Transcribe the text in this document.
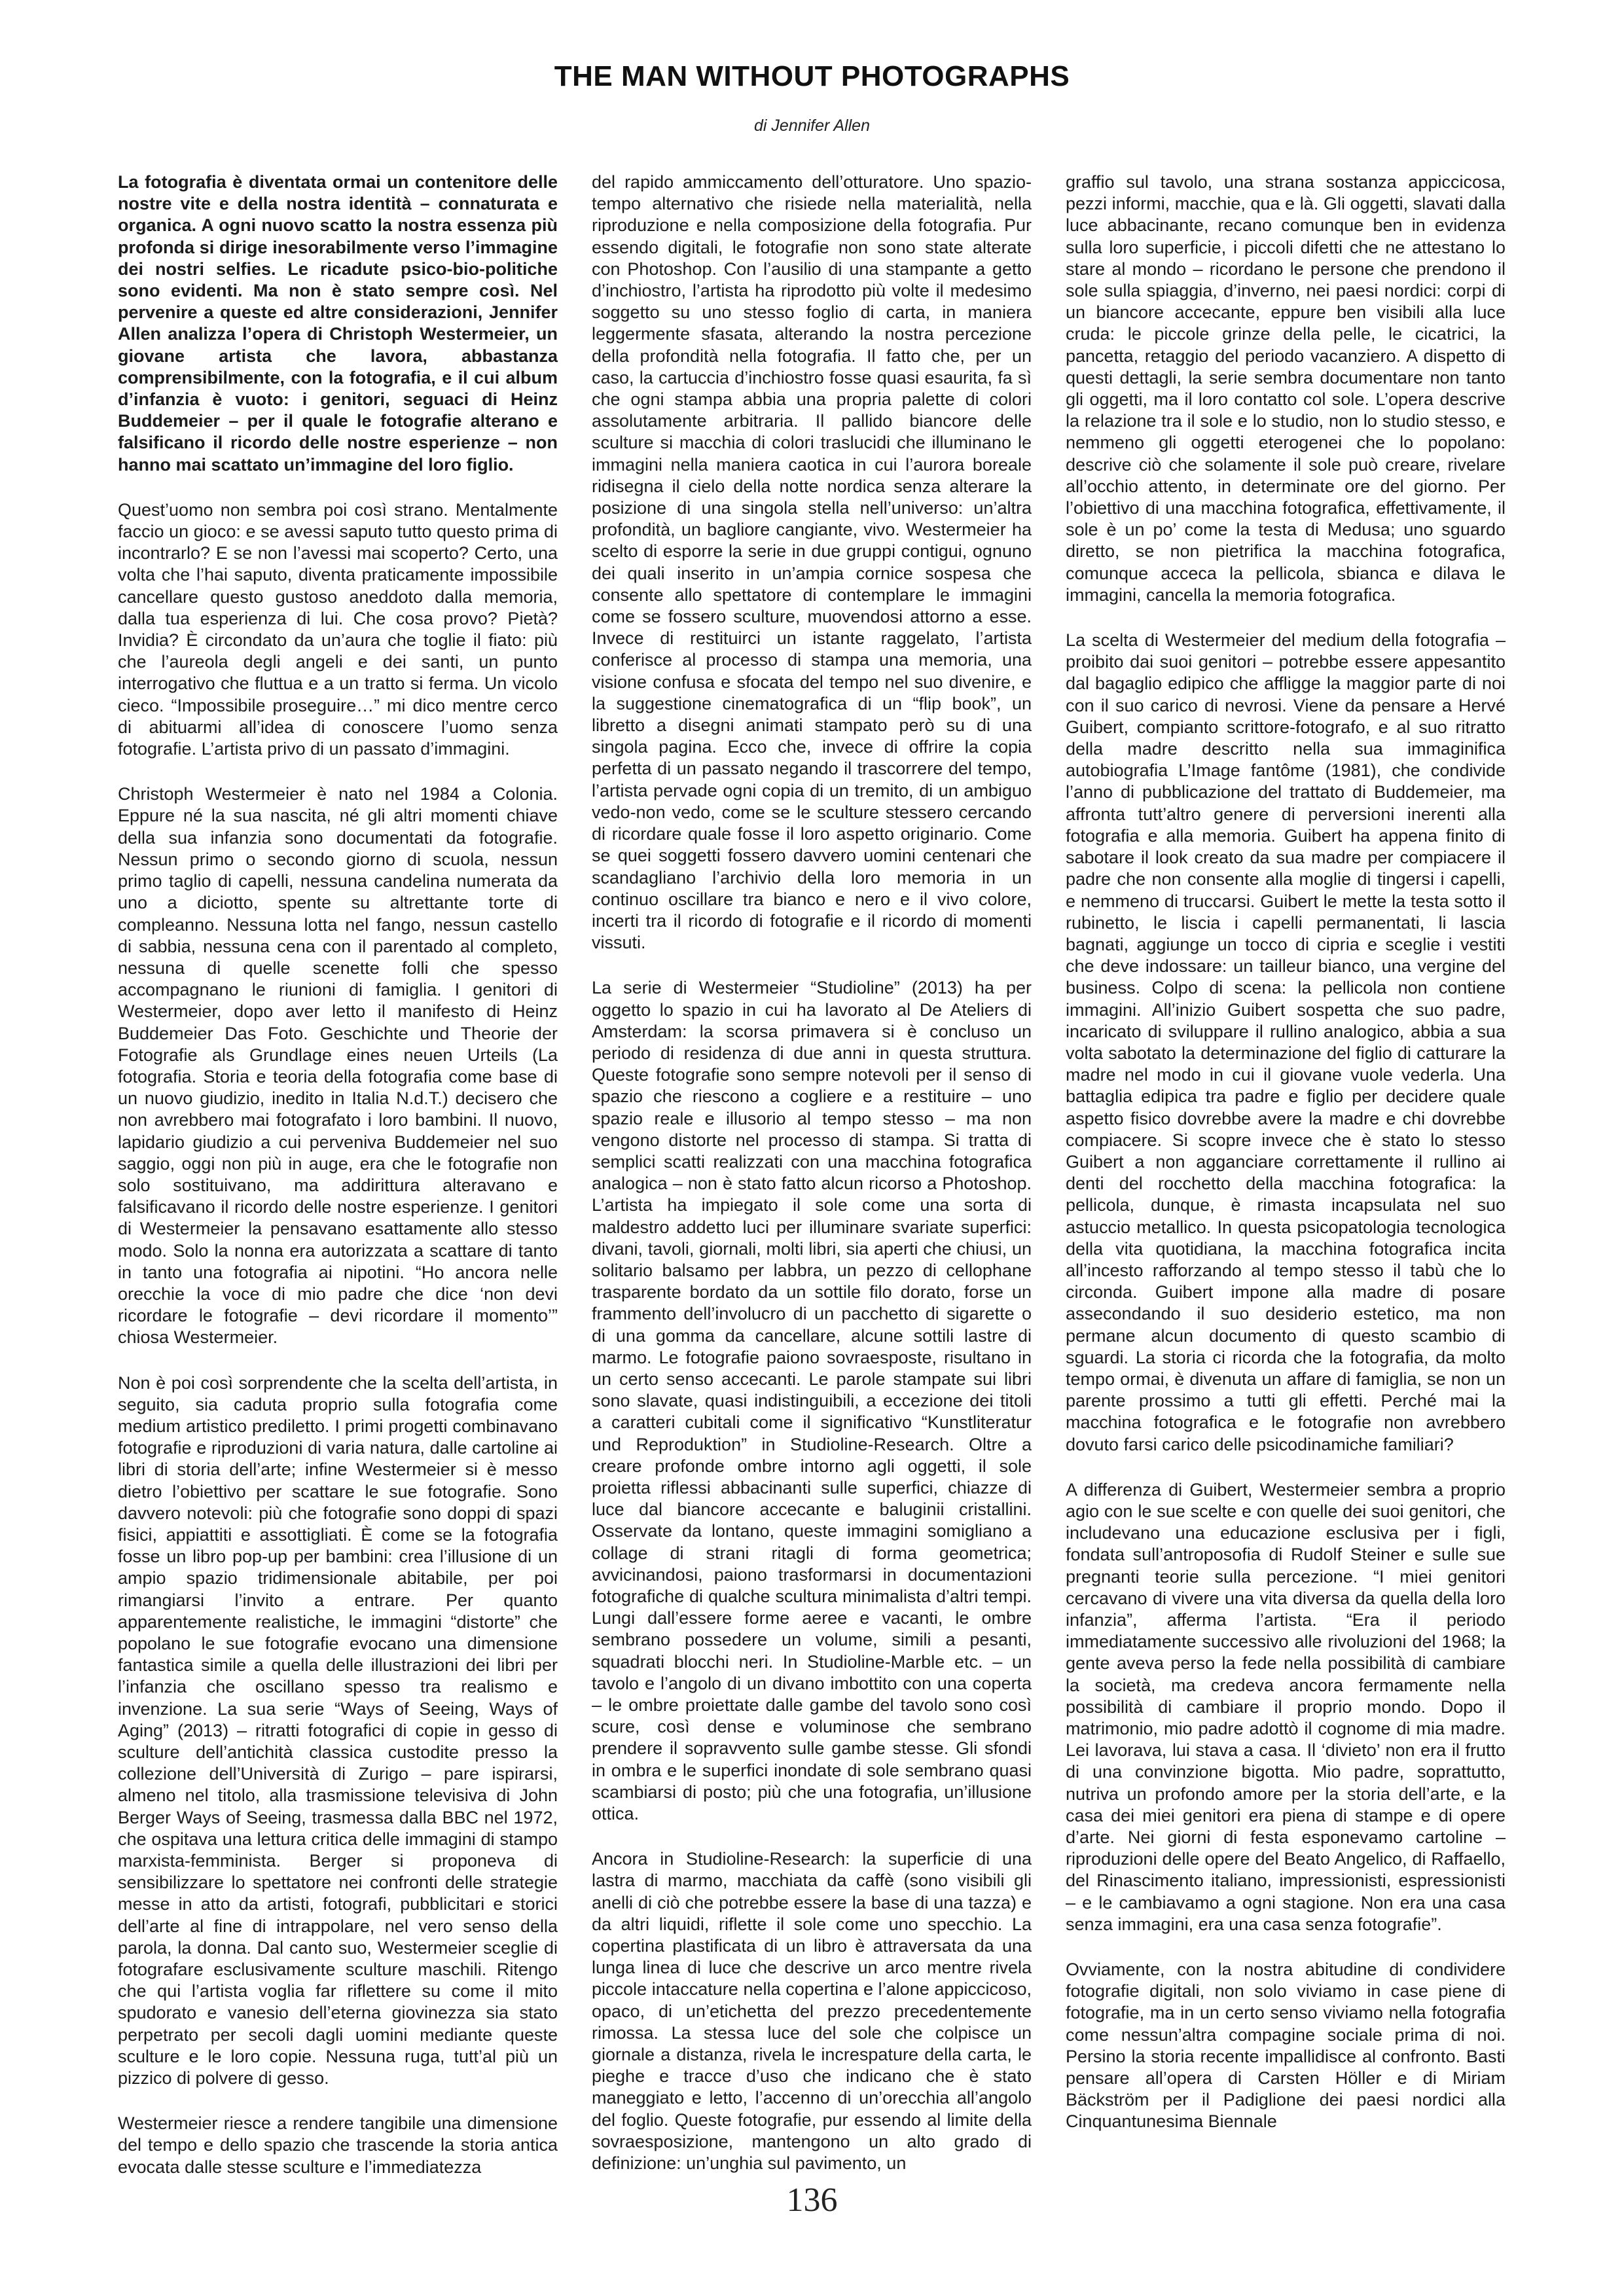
THE MAN WITHOUT PHOTOGRAPHS

di Jennifer Allen

La fotografia è diventata ormai un contenitore delle nostre vite e della nostra identità – connaturata e organica. A ogni nuovo scatto la nostra essenza più profonda si dirige inesorabilmente verso l’immagine dei nostri selfies. Le ricadute psico-bio-politiche sono evidenti. Ma non è stato sempre così. Nel pervenire a queste ed altre considerazioni, Jennifer Allen analizza l’opera di Christoph Westermeier, un giovane artista che lavora, abbastanza comprensibilmente, con la fotografia, e il cui album d’infanzia è vuoto: i genitori, seguaci di Heinz Buddemeier – per il quale le fotografie alterano e falsificano il ricordo delle nostre esperienze – non hanno mai scattato un’immagine del loro figlio.

Quest’uomo non sembra poi così strano. Mentalmente faccio un gioco: e se avessi saputo tutto questo prima di incontrarlo? E se non l’avessi mai scoperto? Certo, una volta che l’hai saputo, diventa praticamente impossibile cancellare questo gustoso aneddoto dalla memoria, dalla tua esperienza di lui. Che cosa provo? Pietà? Invidia? È circondato da un’aura che toglie il fiato: più che l’aureola degli angeli e dei santi, un punto interrogativo che fluttua e a un tratto si ferma. Un vicolo cieco. “Impossibile proseguire…” mi dico mentre cerco di abituarmi all’idea di conoscere l’uomo senza fotografie. L’artista privo di un passato d’immagini.

Christoph Westermeier è nato nel 1984 a Colonia. Eppure né la sua nascita, né gli altri momenti chiave della sua infanzia sono documentati da fotografie. Nessun primo o secondo giorno di scuola, nessun primo taglio di capelli, nessuna candelina numerata da uno a diciotto, spente su altrettante torte di compleanno. Nessuna lotta nel fango, nessun castello di sabbia, nessuna cena con il parentado al completo, nessuna di quelle scenette folli che spesso accompagnano le riunioni di famiglia. I genitori di Westermeier, dopo aver letto il manifesto di Heinz Buddemeier Das Foto. Geschichte und Theorie der Fotografie als Grundlage eines neuen Urteils (La fotografia. Storia e teoria della fotografia come base di un nuovo giudizio, inedito in Italia N.d.T.) decisero che non avrebbero mai fotografato i loro bambini. Il nuovo, lapidario giudizio a cui perveniva Buddemeier nel suo saggio, oggi non più in auge, era che le fotografie non solo sostituivano, ma addirittura alteravano e falsificavano il ricordo delle nostre esperienze. I genitori di Westermeier la pensavano esattamente allo stesso modo. Solo la nonna era autorizzata a scattare di tanto in tanto una fotografia ai nipotini. “Ho ancora nelle orecchie la voce di mio padre che dice ‘non devi ricordare le fotografie – devi ricordare il momento’” chiosa Westermeier.

Non è poi così sorprendente che la scelta dell’artista, in seguito, sia caduta proprio sulla fotografia come medium artistico prediletto. I primi progetti combinavano fotografie e riproduzioni di varia natura, dalle cartoline ai libri di storia dell’arte; infine Westermeier si è messo dietro l’obiettivo per scattare le sue fotografie. Sono davvero notevoli: più che fotografie sono doppi di spazi fisici, appiattiti e assottigliati. È come se la fotografia fosse un libro pop-up per bambini: crea l’illusione di un ampio spazio tridimensionale abitabile, per poi rimangiarsi l’invito a entrare. Per quanto apparentemente realistiche, le immagini “distorte” che popolano le sue fotografie evocano una dimensione fantastica simile a quella delle illustrazioni dei libri per l’infanzia che oscillano spesso tra realismo e invenzione. La sua serie “Ways of Seeing, Ways of Aging” (2013) – ritratti fotografici di copie in gesso di sculture dell’antichità classica custodite presso la collezione dell’Università di Zurigo – pare ispirarsi, almeno nel titolo, alla trasmissione televisiva di John Berger Ways of Seeing, trasmessa dalla BBC nel 1972, che ospitava una lettura critica delle immagini di stampo marxista-femminista. Berger si proponeva di sensibilizzare lo spettatore nei confronti delle strategie messe in atto da artisti, fotografi, pubblicitari e storici dell’arte al fine di intrappolare, nel vero senso della parola, la donna. Dal canto suo, Westermeier sceglie di fotografare esclusivamente sculture maschili. Ritengo che qui l’artista voglia far riflettere su come il mito spudorato e vanesio dell’eterna giovinezza sia stato perpetrato per secoli dagli uomini mediante queste sculture e le loro copie. Nessuna ruga, tutt’al più un pizzico di polvere di gesso.

Westermeier riesce a rendere tangibile una dimensione del tempo e dello spazio che trascende la storia antica evocata dalle stesse sculture e l’immediatezza

del rapido ammiccamento dell’otturatore. Uno spazio-tempo alternativo che risiede nella materialità, nella riproduzione e nella composizione della fotografia. Pur essendo digitali, le fotografie non sono state alterate con Photoshop. Con l’ausilio di una stampante a getto d’inchiostro, l’artista ha riprodotto più volte il medesimo soggetto su uno stesso foglio di carta, in maniera leggermente sfasata, alterando la nostra percezione della profondità nella fotografia. Il fatto che, per un caso, la cartuccia d’inchiostro fosse quasi esaurita, fa sì che ogni stampa abbia una propria palette di colori assolutamente arbitraria. Il pallido biancore delle sculture si macchia di colori traslucidi che illuminano le immagini nella maniera caotica in cui l’aurora boreale ridisegna il cielo della notte nordica senza alterare la posizione di una singola stella nell’universo: un’altra profondità, un bagliore cangiante, vivo. Westermeier ha scelto di esporre la serie in due gruppi contigui, ognuno dei quali inserito in un’ampia cornice sospesa che consente allo spettatore di contemplare le immagini come se fossero sculture, muovendosi attorno a esse. Invece di restituirci un istante raggelato, l’artista conferisce al processo di stampa una memoria, una visione confusa e sfocata del tempo nel suo divenire, e la suggestione cinematografica di un “flip book”, un libretto a disegni animati stampato però su di una singola pagina. Ecco che, invece di offrire la copia perfetta di un passato negando il trascorrere del tempo, l’artista pervade ogni copia di un tremito, di un ambiguo vedo-non vedo, come se le sculture stessero cercando di ricordare quale fosse il loro aspetto originario. Come se quei soggetti fossero davvero uomini centenari che scandagliano l’archivio della loro memoria in un continuo oscillare tra bianco e nero e il vivo colore, incerti tra il ricordo di fotografie e il ricordo di momenti vissuti.

La serie di Westermeier “Studioline” (2013) ha per oggetto lo spazio in cui ha lavorato al De Ateliers di Amsterdam: la scorsa primavera si è concluso un periodo di residenza di due anni in questa struttura. Queste fotografie sono sempre notevoli per il senso di spazio che riescono a cogliere e a restituire – uno spazio reale e illusorio al tempo stesso – ma non vengono distorte nel processo di stampa. Si tratta di semplici scatti realizzati con una macchina fotografica analogica – non è stato fatto alcun ricorso a Photoshop. L’artista ha impiegato il sole come una sorta di maldestro addetto luci per illuminare svariate superfici: divani, tavoli, giornali, molti libri, sia aperti che chiusi, un solitario balsamo per labbra, un pezzo di cellophane trasparente bordato da un sottile filo dorato, forse un frammento dell’involucro di un pacchetto di sigarette o di una gomma da cancellare, alcune sottili lastre di marmo. Le fotografie paiono sovraesposte, risultano in un certo senso accecanti. Le parole stampate sui libri sono slavate, quasi indistinguibili, a eccezione dei titoli a caratteri cubitali come il significativo “Kunstliteratur und Reproduktion” in Studioline-Research. Oltre a creare profonde ombre intorno agli oggetti, il sole proietta riflessi abbacinanti sulle superfici, chiazze di luce dal biancore accecante e baluginii cristallini. Osservate da lontano, queste immagini somigliano a collage di strani ritagli di forma geometrica; avvicinandosi, paiono trasformarsi in documentazioni fotografiche di qualche scultura minimalista d’altri tempi. Lungi dall’essere forme aeree e vacanti, le ombre sembrano possedere un volume, simili a pesanti, squadrati blocchi neri. In Studioline-Marble etc. – un tavolo e l’angolo di un divano imbottito con una coperta – le ombre proiettate dalle gambe del tavolo sono così scure, così dense e voluminose che sembrano prendere il sopravvento sulle gambe stesse. Gli sfondi in ombra e le superfici inondate di sole sembrano quasi scambiarsi di posto; più che una fotografia, un’illusione ottica.

Ancora in Studioline-Research: la superficie di una lastra di marmo, macchiata da caffè (sono visibili gli anelli di ciò che potrebbe essere la base di una tazza) e da altri liquidi, riflette il sole come uno specchio. La copertina plastificata di un libro è attraversata da una lunga linea di luce che descrive un arco mentre rivela piccole intaccature nella copertina e l’alone appiccicoso, opaco, di un’etichetta del prezzo precedentemente rimossa. La stessa luce del sole che colpisce un giornale a distanza, rivela le increspature della carta, le pieghe e tracce d’uso che indicano che è stato maneggiato e letto, l’accenno di un’orecchia all’angolo del foglio. Queste fotografie, pur essendo al limite della sovraesposizione, mantengono un alto grado di definizione: un’unghia sul pavimento, un

graffio sul tavolo, una strana sostanza appiccicosa, pezzi informi, macchie, qua e là. Gli oggetti, slavati dalla luce abbacinante, recano comunque ben in evidenza sulla loro superficie, i piccoli difetti che ne attestano lo stare al mondo – ricordano le persone che prendono il sole sulla spiaggia, d’inverno, nei paesi nordici: corpi di un biancore accecante, eppure ben visibili alla luce cruda: le piccole grinze della pelle, le cicatrici, la pancetta, retaggio del periodo vacanziero. A dispetto di questi dettagli, la serie sembra documentare non tanto gli oggetti, ma il loro contatto col sole. L’opera descrive la relazione tra il sole e lo studio, non lo studio stesso, e nemmeno gli oggetti eterogenei che lo popolano: descrive ciò che solamente il sole può creare, rivelare all’occhio attento, in determinate ore del giorno. Per l’obiettivo di una macchina fotografica, effettivamente, il sole è un po’ come la testa di Medusa; uno sguardo diretto, se non pietrifica la macchina fotografica, comunque acceca la pellicola, sbianca e dilava le immagini, cancella la memoria fotografica.

La scelta di Westermeier del medium della fotografia – proibito dai suoi genitori – potrebbe essere appesantito dal bagaglio edipico che affligge la maggior parte di noi con il suo carico di nevrosi. Viene da pensare a Hervé Guibert, compianto scrittore-fotografo, e al suo ritratto della madre descritto nella sua immaginifica autobiografia L’Image fantôme (1981), che condivide l’anno di pubblicazione del trattato di Buddemeier, ma affronta tutt’altro genere di perversioni inerenti alla fotografia e alla memoria. Guibert ha appena finito di sabotare il look creato da sua madre per compiacere il padre che non consente alla moglie di tingersi i capelli, e nemmeno di truccarsi. Guibert le mette la testa sotto il rubinetto, le liscia i capelli permanentati, li lascia bagnati, aggiunge un tocco di cipria e sceglie i vestiti che deve indossare: un tailleur bianco, una vergine del business. Colpo di scena: la pellicola non contiene immagini. All’inizio Guibert sospetta che suo padre, incaricato di sviluppare il rullino analogico, abbia a sua volta sabotato la determinazione del figlio di catturare la madre nel modo in cui il giovane vuole vederla. Una battaglia edipica tra padre e figlio per decidere quale aspetto fisico dovrebbe avere la madre e chi dovrebbe compiacere. Si scopre invece che è stato lo stesso Guibert a non agganciare correttamente il rullino ai denti del rocchetto della macchina fotografica: la pellicola, dunque, è rimasta incapsulata nel suo astuccio metallico. In questa psicopatologia tecnologica della vita quotidiana, la macchina fotografica incita all’incesto rafforzando al tempo stesso il tabù che lo circonda. Guibert impone alla madre di posare assecondando il suo desiderio estetico, ma non permane alcun documento di questo scambio di sguardi. La storia ci ricorda che la fotografia, da molto tempo ormai, è divenuta un affare di famiglia, se non un parente prossimo a tutti gli effetti. Perché mai la macchina fotografica e le fotografie non avrebbero dovuto farsi carico delle psicodinamiche familiari?

A differenza di Guibert, Westermeier sembra a proprio agio con le sue scelte e con quelle dei suoi genitori, che includevano una educazione esclusiva per i figli, fondata sull’antroposofia di Rudolf Steiner e sulle sue pregnanti teorie sulla percezione. “I miei genitori cercavano di vivere una vita diversa da quella della loro infanzia”, afferma l’artista. “Era il periodo immediatamente successivo alle rivoluzioni del 1968; la gente aveva perso la fede nella possibilità di cambiare la società, ma credeva ancora fermamente nella possibilità di cambiare il proprio mondo. Dopo il matrimonio, mio padre adottò il cognome di mia madre. Lei lavorava, lui stava a casa. Il ‘divieto’ non era il frutto di una convinzione bigotta. Mio padre, soprattutto, nutriva un profondo amore per la storia dell’arte, e la casa dei miei genitori era piena di stampe e di opere d’arte. Nei giorni di festa esponevamo cartoline – riproduzioni delle opere del Beato Angelico, di Raffaello, del Rinascimento italiano, impressionisti, espressionisti – e le cambiavamo a ogni stagione. Non era una casa senza immagini, era una casa senza fotografie”.

Ovviamente, con la nostra abitudine di condividere fotografie digitali, non solo viviamo in case piene di fotografie, ma in un certo senso viviamo nella fotografia come nessun’altra compagine sociale prima di noi. Persino la storia recente impallidisce al confronto. Basti pensare all’opera di Carsten Höller e di Miriam Bäckström per il Padiglione dei paesi nordici alla Cinquantunesima Biennale

136
